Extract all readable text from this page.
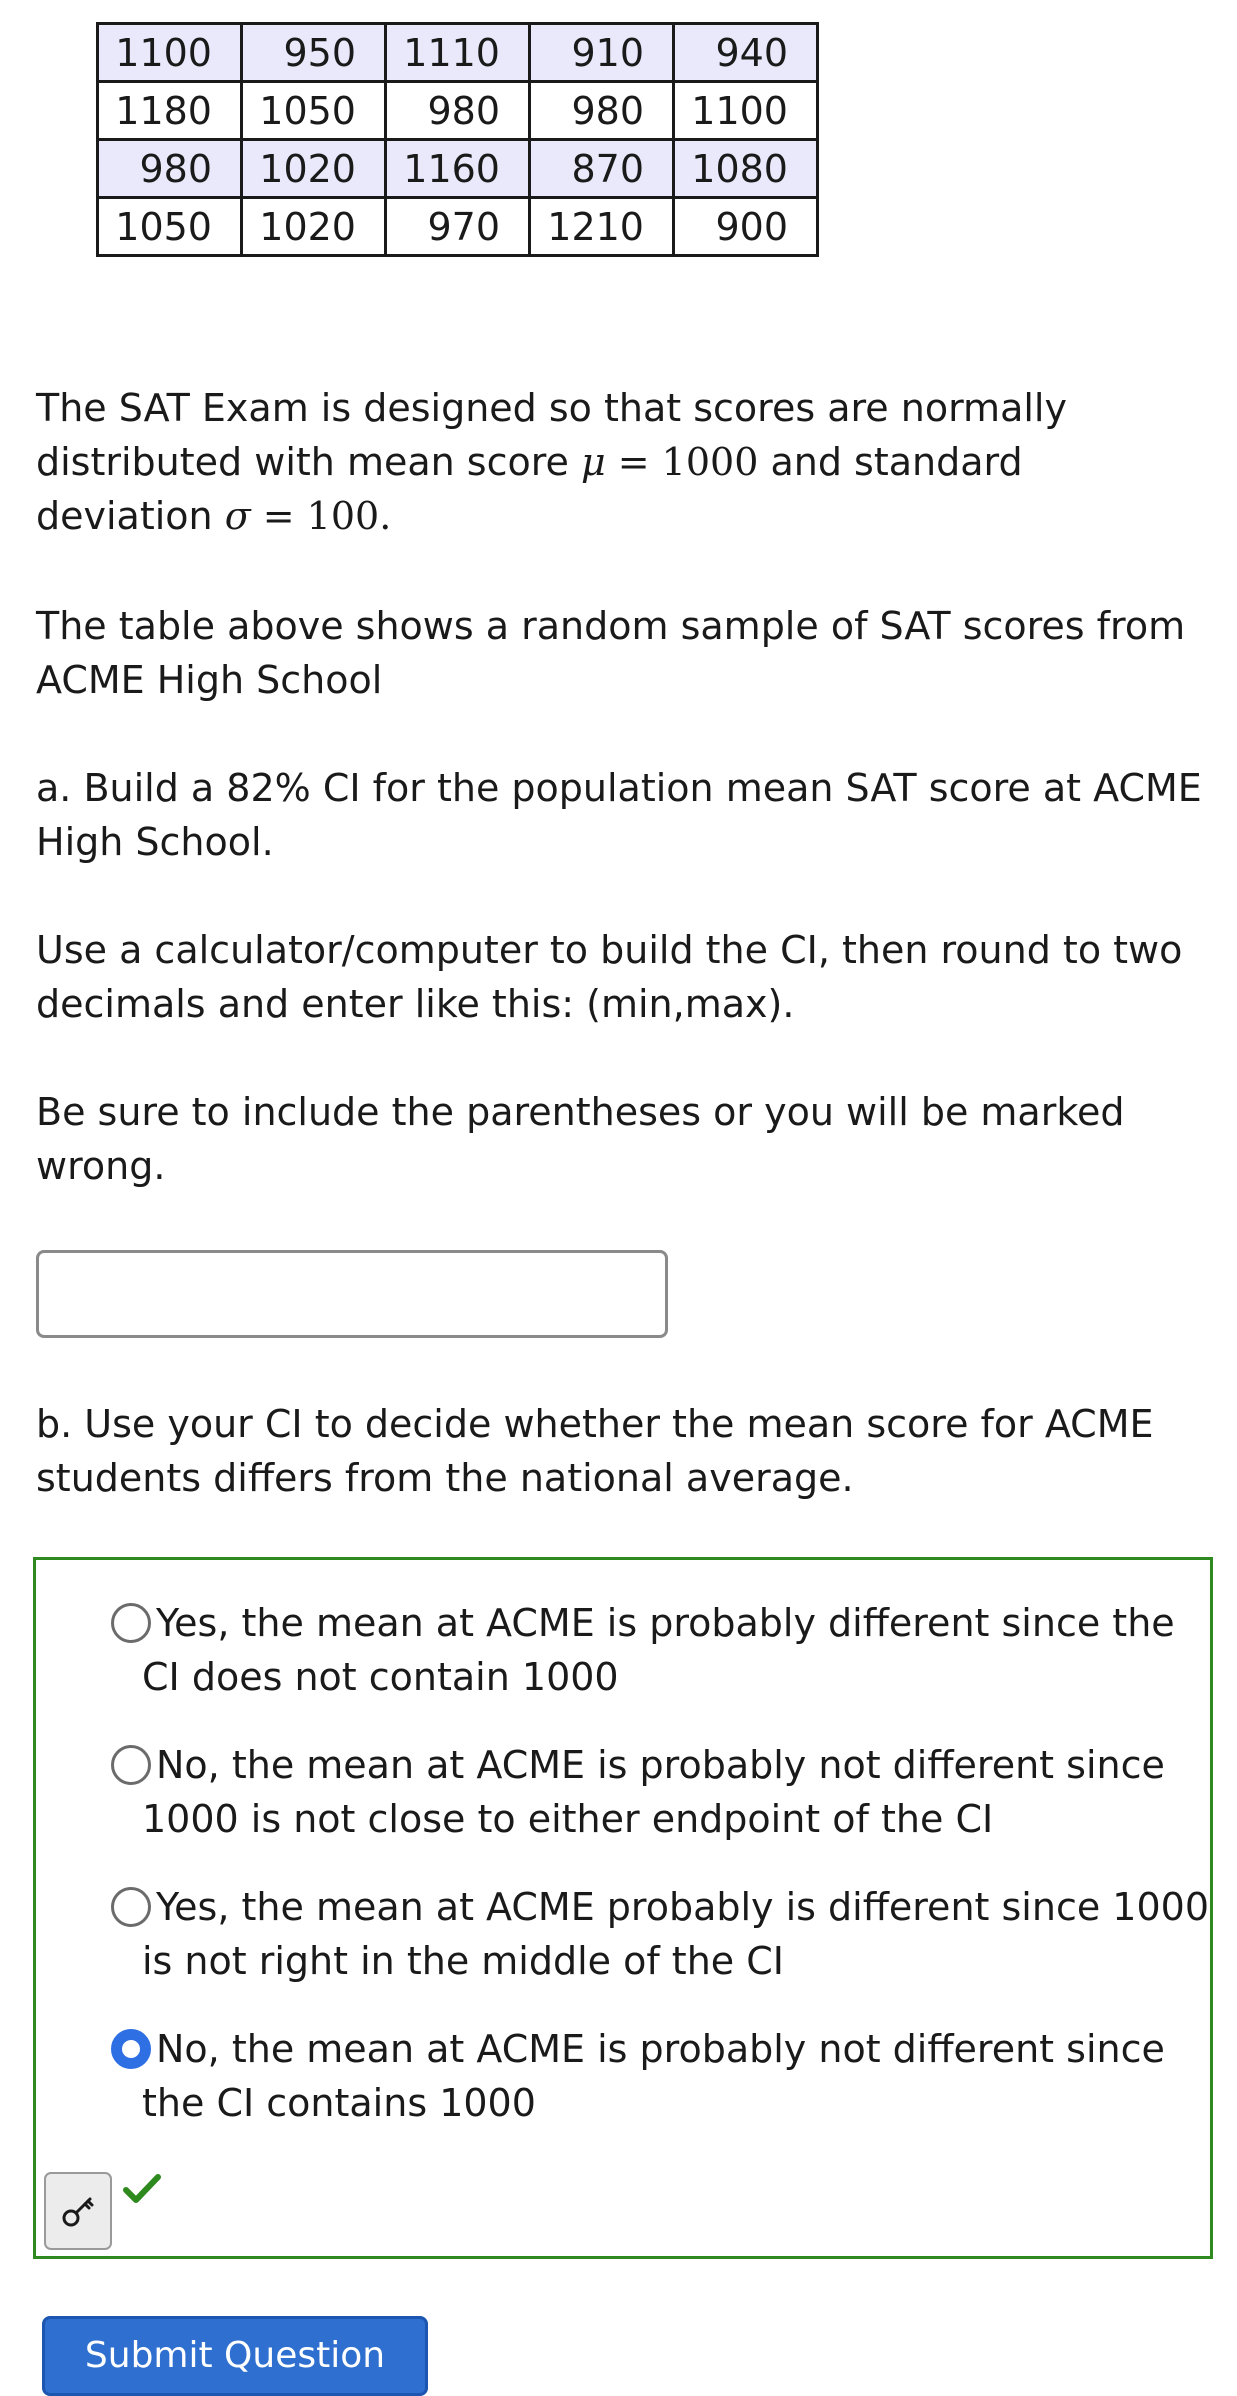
1100	950	1110	910	940
1180	1050	980	980	1100
980	1020	1160	870	1080
1050	1020	970	1210	900
The SAT Exam is designed so that scores are normally
distributed with mean score μ = 1000 and standard
deviation σ = 100.

The table above shows a random sample of SAT scores from ACME High School

a. Build a 82% CI for the population mean SAT score at ACME High School.

Use a calculator/computer to build the CI, then round to two decimals and enter like this: (min,max).

Be sure to include the parentheses or you will be marked wrong.

b. Use your CI to decide whether the mean score for ACME students differs from the national average.

Yes, the mean at ACME is probably different since the
CI does not contain 1000
No, the mean at ACME is probably not different since
1000 is not close to either endpoint of the CI
Yes, the mean at ACME probably is different since 1000
is not right in the middle of the CI
No, the mean at ACME is probably not different since
the CI contains 1000
Submit Question
